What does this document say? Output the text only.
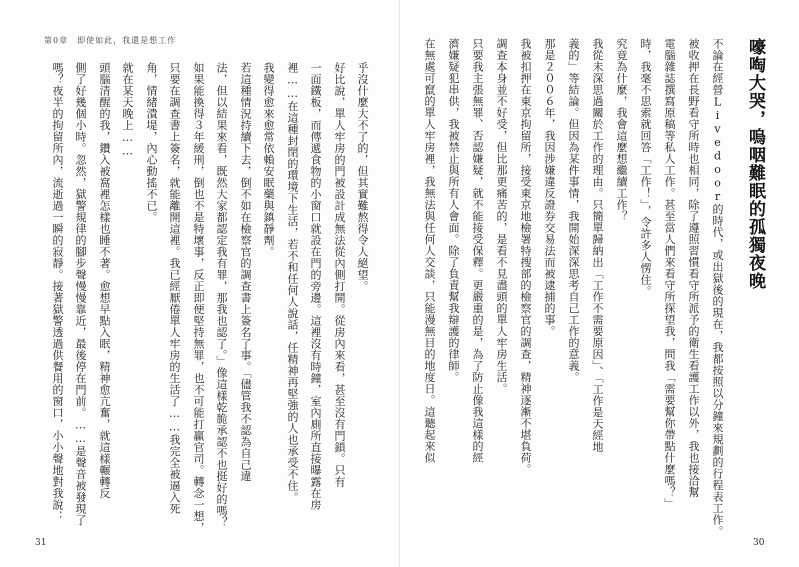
第0章　即使如此，我還是想工作
乎沒什麼大不了的，但其實難熬得令人絕望。
好比說，單人牢房的門被設計成無法從內側打開。從房內來看，甚至沒有門鎖。只有
一面鐵板，而傳遞食物的小窗口就設在門的旁邊。這裡沒有時鐘，室內廁所直接曝露在房
裡……在這種封閉的環境下生活，若不和任何人說話，任精神再堅強的人也承受不住。
我變得愈來愈常依賴安眠藥與鎮靜劑。
若這種情況持續下去，倒不如在檢察官的調查書上簽名了事。「儘管我不認為自己違
法，但以結果來看，既然大家都認定我有罪，那我也認了。」像這樣乾脆承認不也挺好的嗎？
如果能換得３年緩刑，倒也不是特壞事，反正即便堅持無罪，也不可能打贏官司。轉念一想，
只要在調查書上簽名，就能離開這裡。我已經厭倦單人牢房的生活了……我完全被逼入死
角，情緒潰堤，內心動搖不已。
就在某天晚上……
頭腦清醒的我，鑽入被窩裡怎樣也睡不著。愈想早點入眠，精神愈亢奮，就這樣輾轉反
側了好幾個小時。忽然，獄警規律的腳步聲慢慢靠近，最後停在門前。……是聲音被發現了
嗎？夜半的拘留所內，流逝過一瞬的寂靜。接著獄警透過供餐用的窗口，小小聲地對我說：	嚎啕大哭，嗚咽難眠的孤獨夜晚
不論在經營Livedoor的時代，或出獄後的現在，我都按照以分鐘來規劃的行程表工作。
被收押在長野看守所時也相同，除了遵照習慣看守所派予的衛生看護工作以外，我也接洽幫
電腦雜誌撰寫原稿等私人工作。甚至當人們來看守所探望我，問我「需要幫你帶點什麼嗎？」
時，我毫不思索就回答「工作！」，令許多人愣住。
究竟為什麼，我會這麼想繼續工作？
我從未深思過關於工作的理由。只簡單歸納出「工作不需要原因」、「工作是天經地
義的」等結論。但因為某件事情，我開始深深思考自己工作的意義。
那是２００６年，我因涉嫌違反證券交易法而被逮捕的事。
我被扣押在東京拘留所，接受東京地檢署特搜部的檢察官的調查，精神逐漸不堪負荷。
調查本身並不好受，但比那更痛苦的，是看不見盡頭的單人牢房生活。
只要我主張無罪、否認嫌疑，就不能接受保釋。更嚴重的是，為了防止像我這樣的經
濟嫌疑犯串供，我被禁止與所有人會面。除了負責幫我辯護的律師。
在無處可竄的單人牢房裡，我無法與任何人交談，只能漫無目的地度日。這聽起來似
31	30
